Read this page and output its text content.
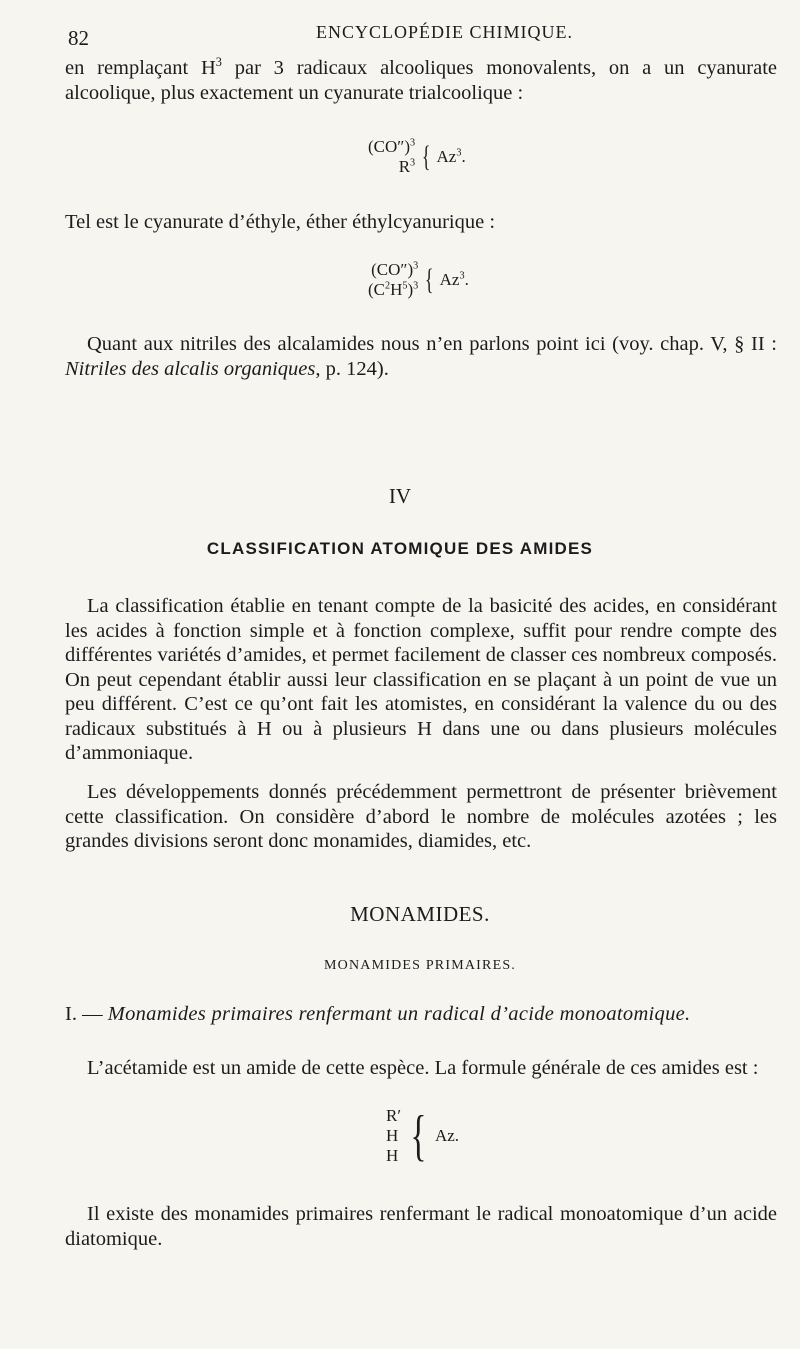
82	ENCYCLOPÉDIE CHIMIQUE.

en remplaçant $H^3$ par 3 radicaux alcooliques monovalents, on a un cyanurate alcoolique, plus exactement un cyanurate trialcoolique :

$(CO'')^3$
$R^3$ { Az$^3$.

Tel est le cyanurate d’éthyle, éther éthylcyanurique :

$(CO'')^3$
$(C^2H^5)^3$ { Az$^3$.

Quant aux nitriles des alcalamides nous n’en parlons point ici (voy. chap. V, § II : Nitriles des alcalis organiques, p. 124).

IV
CLASSIFICATION ATOMIQUE DES AMIDES

La classification établie en tenant compte de la basicité des acides, en considérant les acides à fonction simple et à fonction complexe, suffit pour rendre compte des différentes variétés d’amides, et permet facilement de classer ces nombreux composés. On peut cependant établir aussi leur classification en se plaçant à un point de vue un peu différent. C’est ce qu’ont fait les atomistes, en considérant la valence du ou des radicaux substitués à H ou à plusieurs H dans une ou dans plusieurs molécules d’ammoniaque.

Les développements donnés précédemment permettront de présenter brièvement cette classification. On considère d’abord le nombre de molécules azotées ; les grandes divisions seront donc monamides, diamides, etc.

MONAMIDES.
MONAMIDES PRIMAIRES.
I. — Monamides primaires renfermant un radical d’acide monoatomique.

L’acétamide est un amide de cette espèce. La formule générale de ces amides est :

R′
H
H { Az.

Il existe des monamides primaires renfermant le radical monoatomique d’un acide diatomique.
